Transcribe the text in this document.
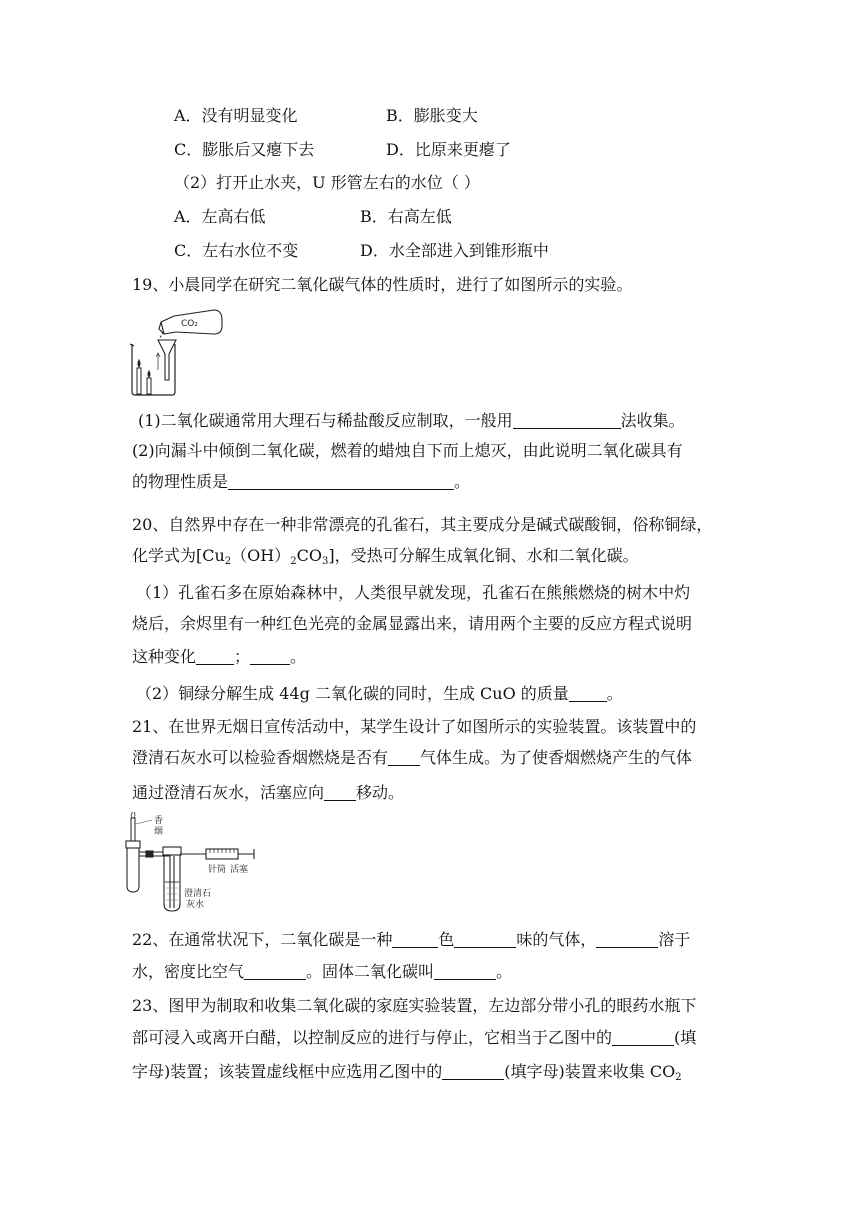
A．没有明显变化	B．膨胀变大
C．膨胀后又瘪下去	D．比原来更瘪了
（2）打开止水夹，U 形管左右的水位（ ）
A．左高右低	B．右高左低
C．左右水位不变	D．水全部进入到锥形瓶中
19、小晨同学在研究二氧化碳气体的性质时，进行了如图所示的实验。
CO₂
(1)二氧化碳通常用大理石与稀盐酸反应制取，一般用	法收集。
(2)向漏斗中倾倒二氧化碳，燃着的蜡烛自下而上熄灭，由此说明二氧化碳具有
的物理性质是	。
20、自然界中存在一种非常漂亮的孔雀石，其主要成分是碱式碳酸铜，俗称铜绿，
化学式为$[Cu_2(OH)_2CO_3]$，受热可分解生成氧化铜、水和二氧化碳。
（1）孔雀石多在原始森林中，人类很早就发现，孔雀石在熊熊燃烧的树木中灼
烧后，余烬里有一种红色光亮的金属显露出来，请用两个主要的反应方程式说明
这种变化 ；	。
（2）铜绿分解生成 44g 二氧化碳的同时，生成 CuO 的质量 。
21、在世界无烟日宣传活动中，某学生设计了如图所示的实验装置。该装置中的
澄清石灰水可以检验香烟燃烧是否有 气体生成。为了使香烟燃烧产生的气体
通过澄清石灰水，活塞应向 移动。
香
烟
针筒 活塞
澄清石
灰水
22、在通常状况下，二氧化碳是一种	色	味的气体，	溶于
水，密度比空气	。固体二氧化碳叫	。
23、图甲为制取和收集二氧化碳的家庭实验装置，左边部分带小孔的眼药水瓶下
部可浸入或离开白醋，以控制反应的进行与停止，它相当于乙图中的	(填
字母)装置；该装置虚线框中应选用乙图中的	(填字母)装置来收集 $CO_2$
